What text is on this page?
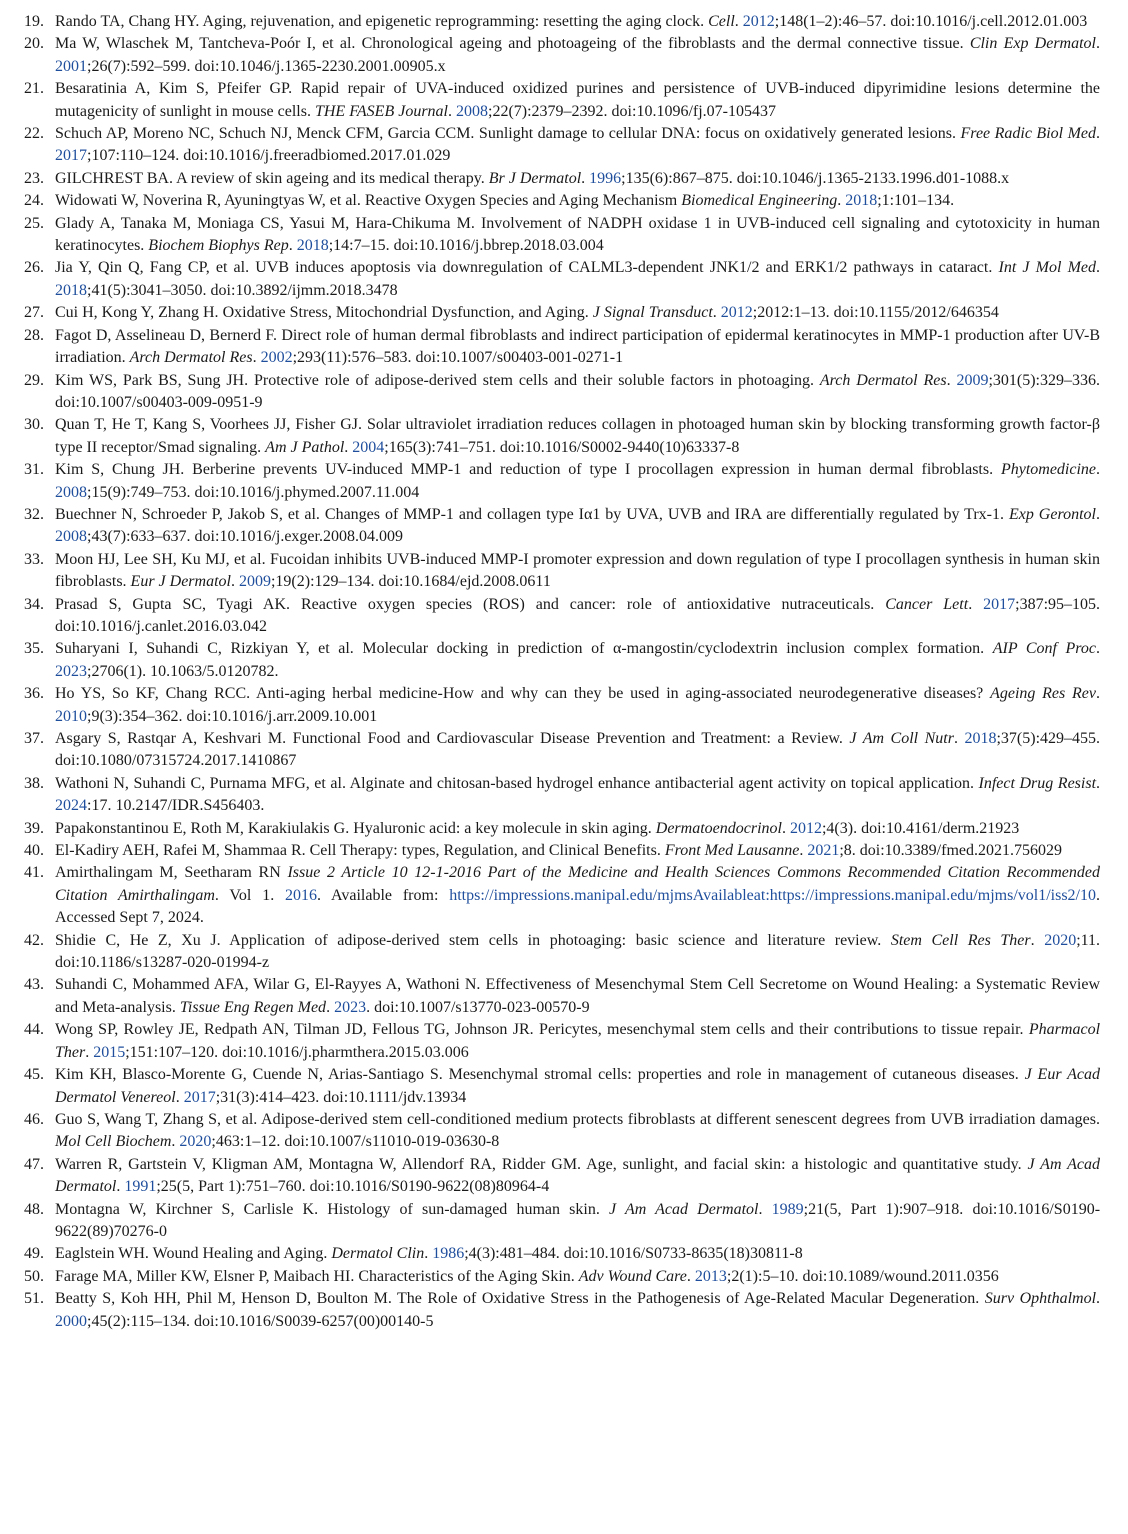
19. Rando TA, Chang HY. Aging, rejuvenation, and epigenetic reprogramming: resetting the aging clock. Cell. 2012;148(1–2):46–57. doi:10.1016/j.cell.2012.01.003
20. Ma W, Wlaschek M, Tantcheva-Poór I, et al. Chronological ageing and photoageing of the fibroblasts and the dermal connective tissue. Clin Exp Dermatol. 2001;26(7):592–599. doi:10.1046/j.1365-2230.2001.00905.x
21. Besaratinia A, Kim S, Pfeifer GP. Rapid repair of UVA-induced oxidized purines and persistence of UVB-induced dipyrimidine lesions determine the mutagenicity of sunlight in mouse cells. THE FASEB Journal. 2008;22(7):2379–2392. doi:10.1096/fj.07-105437
22. Schuch AP, Moreno NC, Schuch NJ, Menck CFM, Garcia CCM. Sunlight damage to cellular DNA: focus on oxidatively generated lesions. Free Radic Biol Med. 2017;107:110–124. doi:10.1016/j.freeradbiomed.2017.01.029
23. GILCHREST BA. A review of skin ageing and its medical therapy. Br J Dermatol. 1996;135(6):867–875. doi:10.1046/j.1365-2133.1996.d01-1088.x
24. Widowati W, Noverina R, Ayuningtyas W, et al. Reactive Oxygen Species and Aging Mechanism Biomedical Engineering. 2018;1:101–134.
25. Glady A, Tanaka M, Moniaga CS, Yasui M, Hara-Chikuma M. Involvement of NADPH oxidase 1 in UVB-induced cell signaling and cytotoxicity in human keratinocytes. Biochem Biophys Rep. 2018;14:7–15. doi:10.1016/j.bbrep.2018.03.004
26. Jia Y, Qin Q, Fang CP, et al. UVB induces apoptosis via downregulation of CALML3-dependent JNK1/2 and ERK1/2 pathways in cataract. Int J Mol Med. 2018;41(5):3041–3050. doi:10.3892/ijmm.2018.3478
27. Cui H, Kong Y, Zhang H. Oxidative Stress, Mitochondrial Dysfunction, and Aging. J Signal Transduct. 2012;2012:1–13. doi:10.1155/2012/646354
28. Fagot D, Asselineau D, Bernerd F. Direct role of human dermal fibroblasts and indirect participation of epidermal keratinocytes in MMP-1 production after UV-B irradiation. Arch Dermatol Res. 2002;293(11):576–583. doi:10.1007/s00403-001-0271-1
29. Kim WS, Park BS, Sung JH. Protective role of adipose-derived stem cells and their soluble factors in photoaging. Arch Dermatol Res. 2009;301(5):329–336. doi:10.1007/s00403-009-0951-9
30. Quan T, He T, Kang S, Voorhees JJ, Fisher GJ. Solar ultraviolet irradiation reduces collagen in photoaged human skin by blocking transforming growth factor-β type II receptor/Smad signaling. Am J Pathol. 2004;165(3):741–751. doi:10.1016/S0002-9440(10)63337-8
31. Kim S, Chung JH. Berberine prevents UV-induced MMP-1 and reduction of type I procollagen expression in human dermal fibroblasts. Phytomedicine. 2008;15(9):749–753. doi:10.1016/j.phymed.2007.11.004
32. Buechner N, Schroeder P, Jakob S, et al. Changes of MMP-1 and collagen type Iα1 by UVA, UVB and IRA are differentially regulated by Trx-1. Exp Gerontol. 2008;43(7):633–637. doi:10.1016/j.exger.2008.04.009
33. Moon HJ, Lee SH, Ku MJ, et al. Fucoidan inhibits UVB-induced MMP-I promoter expression and down regulation of type I procollagen synthesis in human skin fibroblasts. Eur J Dermatol. 2009;19(2):129–134. doi:10.1684/ejd.2008.0611
34. Prasad S, Gupta SC, Tyagi AK. Reactive oxygen species (ROS) and cancer: role of antioxidative nutraceuticals. Cancer Lett. 2017;387:95–105. doi:10.1016/j.canlet.2016.03.042
35. Suharyani I, Suhandi C, Rizkiyan Y, et al. Molecular docking in prediction of α-mangostin/cyclodextrin inclusion complex formation. AIP Conf Proc. 2023;2706(1). 10.1063/5.0120782.
36. Ho YS, So KF, Chang RCC. Anti-aging herbal medicine-How and why can they be used in aging-associated neurodegenerative diseases? Ageing Res Rev. 2010;9(3):354–362. doi:10.1016/j.arr.2009.10.001
37. Asgary S, Rastqar A, Keshvari M. Functional Food and Cardiovascular Disease Prevention and Treatment: a Review. J Am Coll Nutr. 2018;37(5):429–455. doi:10.1080/07315724.2017.1410867
38. Wathoni N, Suhandi C, Purnama MFG, et al. Alginate and chitosan-based hydrogel enhance antibacterial agent activity on topical application. Infect Drug Resist. 2024:17. 10.2147/IDR.S456403.
39. Papakonstantinou E, Roth M, Karakiulakis G. Hyaluronic acid: a key molecule in skin aging. Dermatoendocrinol. 2012;4(3). doi:10.4161/derm.21923
40. El-Kadiry AEH, Rafei M, Shammaa R. Cell Therapy: types, Regulation, and Clinical Benefits. Front Med Lausanne. 2021;8. doi:10.3389/fmed.2021.756029
41. Amirthalingam M, Seetharam RN Issue 2 Article 10 12-1-2016 Part of the Medicine and Health Sciences Commons Recommended Citation Recommended Citation Amirthalingam. Vol 1. 2016. Available from: https://impressions.manipal.edu/mjmsAvailableat:https://impressions.manipal.edu/mjms/vol1/iss2/10. Accessed Sept 7, 2024.
42. Shidie C, He Z, Xu J. Application of adipose-derived stem cells in photoaging: basic science and literature review. Stem Cell Res Ther. 2020;11. doi:10.1186/s13287-020-01994-z
43. Suhandi C, Mohammed AFA, Wilar G, El-Rayyes A, Wathoni N. Effectiveness of Mesenchymal Stem Cell Secretome on Wound Healing: a Systematic Review and Meta-analysis. Tissue Eng Regen Med. 2023. doi:10.1007/s13770-023-00570-9
44. Wong SP, Rowley JE, Redpath AN, Tilman JD, Fellous TG, Johnson JR. Pericytes, mesenchymal stem cells and their contributions to tissue repair. Pharmacol Ther. 2015;151:107–120. doi:10.1016/j.pharmthera.2015.03.006
45. Kim KH, Blasco-Morente G, Cuende N, Arias-Santiago S. Mesenchymal stromal cells: properties and role in management of cutaneous diseases. J Eur Acad Dermatol Venereol. 2017;31(3):414–423. doi:10.1111/jdv.13934
46. Guo S, Wang T, Zhang S, et al. Adipose-derived stem cell-conditioned medium protects fibroblasts at different senescent degrees from UVB irradiation damages. Mol Cell Biochem. 2020;463:1–12. doi:10.1007/s11010-019-03630-8
47. Warren R, Gartstein V, Kligman AM, Montagna W, Allendorf RA, Ridder GM. Age, sunlight, and facial skin: a histologic and quantitative study. J Am Acad Dermatol. 1991;25(5, Part 1):751–760. doi:10.1016/S0190-9622(08)80964-4
48. Montagna W, Kirchner S, Carlisle K. Histology of sun-damaged human skin. J Am Acad Dermatol. 1989;21(5, Part 1):907–918. doi:10.1016/S0190-9622(89)70276-0
49. Eaglstein WH. Wound Healing and Aging. Dermatol Clin. 1986;4(3):481–484. doi:10.1016/S0733-8635(18)30811-8
50. Farage MA, Miller KW, Elsner P, Maibach HI. Characteristics of the Aging Skin. Adv Wound Care. 2013;2(1):5–10. doi:10.1089/wound.2011.0356
51. Beatty S, Koh HH, Phil M, Henson D, Boulton M. The Role of Oxidative Stress in the Pathogenesis of Age-Related Macular Degeneration. Surv Ophthalmol. 2000;45(2):115–134. doi:10.1016/S0039-6257(00)00140-5
